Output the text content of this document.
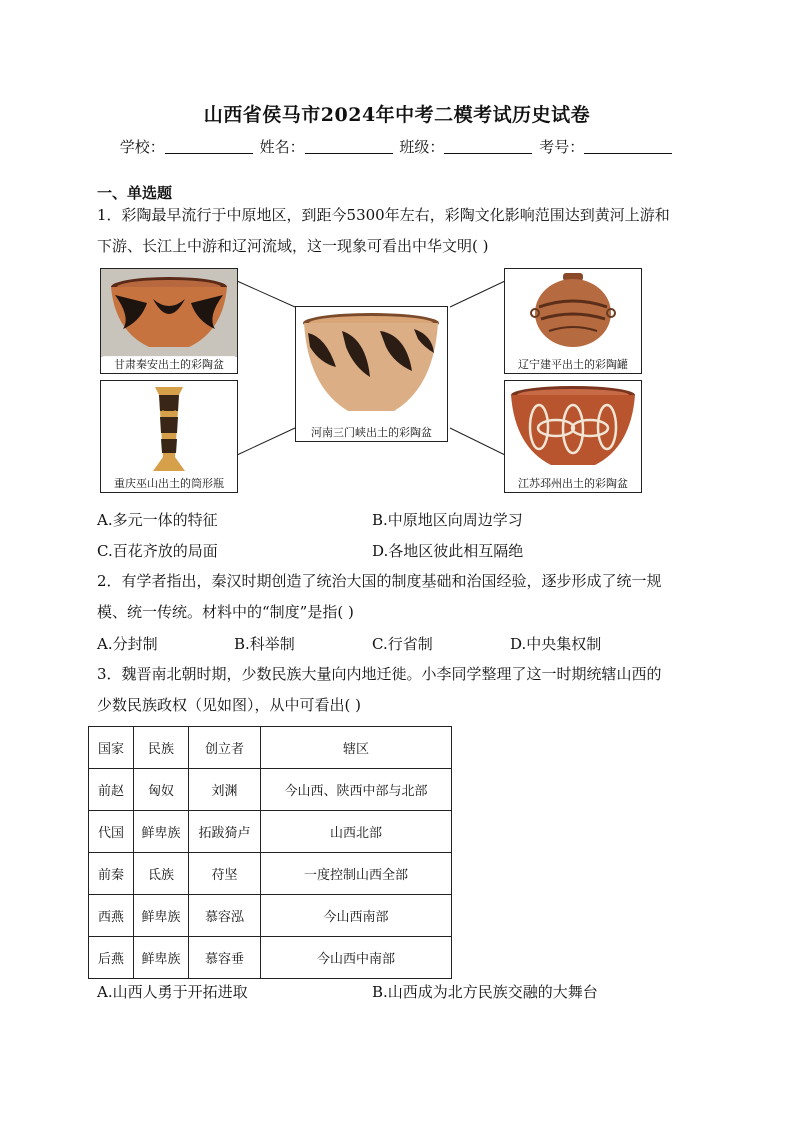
山西省侯马市2024年中考二模考试历史试卷
学校：	姓名：	班级：	考号：
一、单选题

1．彩陶最早流行于中原地区，到距今5300年左右，彩陶文化影响范围达到黄河上游和

下游、长江上中游和辽河流域，这一现象可看出中华文明( )

甘肃秦安出土的彩陶盆
重庆巫山出土的筒形瓶
河南三门峡出土的彩陶盆
辽宁建平出土的彩陶罐
江苏邳州出土的彩陶盆
A.多元一体的特征	B.中原地区向周边学习
C.百花齐放的局面	D.各地区彼此相互隔绝

2．有学者指出，秦汉时期创造了统治大国的制度基础和治国经验，逐步形成了统一规

模、统一传统。材料中的“制度”是指( )

A.分封制	B.科举制	C.行省制	D.中央集权制

3．魏晋南北朝时期，少数民族大量向内地迁徙。小李同学整理了这一时期统辖山西的

少数民族政权（见如图），从中可看出( )

国家	民族	创立者	辖区
前赵	匈奴	刘渊	今山西、陕西中部与北部
代国	鲜卑族	拓跋猗卢	山西北部
前秦	氐族	苻坚	一度控制山西全部
西燕	鲜卑族	慕容泓	今山西南部
后燕	鲜卑族	慕容垂	今山西中南部
A.山西人勇于开拓进取	B.山西成为北方民族交融的大舞台
